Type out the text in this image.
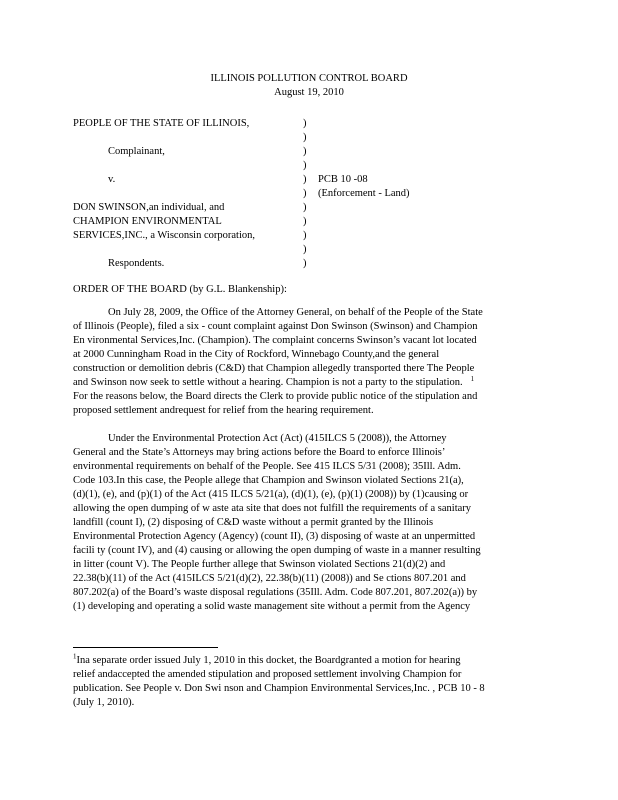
ILLINOIS POLLUTION CONTROL BOARD
August 19, 2010
PEOPLE OF THE STATE OF ILLINOIS,
Complainant,
v.
DON SWINSON,an individual, and
CHAMPION ENVIRONMENTAL
SERVICES,INC., a Wisconsin corporation,
Respondents.
)
)
)
)
)
)
)
)
)
)
)
PCB 10 -08
(Enforcement - Land)
ORDER OF THE BOARD (by G.L. Blankenship):
On July 28, 2009, the Office of the Attorney General, on behalf of the People of the State
of Illinois (People), filed a six - count complaint against Don Swinson (Swinson) and Champion
En vironmental Services,Inc. (Champion). The complaint concerns Swinson’s vacant lot located
at 2000 Cunningham Road in the City of Rockford, Winnebago County,and the general
construction or demolition debris (C&D) that Champion allegedly transported there The People
and Swinson now seek to settle without a hearing. Champion is not a party to the stipulation. $^1$
For the reasons below, the Board directs the Clerk to provide public notice of the stipulation and
proposed settlement andrequest for relief from the hearing requirement.
Under the Environmental Protection Act (Act) (415ILCS 5 (2008)), the Attorney
General and the State’s Attorneys may bring actions before the Board to enforce Illinois’
environmental requirements on behalf of the People. See 415 ILCS 5/31 (2008); 35Ill. Adm.
Code 103.In this case, the People allege that Champion and Swinson violated Sections 21(a),
(d)(1), (e), and (p)(1) of the Act (415 ILCS 5/21(a), (d)(1), (e), (p)(1) (2008)) by (1)causing or
allowing the open dumping of w aste ata site that does not fulfill the requirements of a sanitary
landfill (count I), (2) disposing of C&D waste without a permit granted by the Illinois
Environmental Protection Agency (Agency) (count II), (3) disposing of waste at an unpermitted
facili ty (count IV), and (4) causing or allowing the open dumping of waste in a manner resulting
in litter (count V). The People further allege that Swinson violated Sections 21(d)(2) and
22.38(b)(11) of the Act (415ILCS 5/21(d)(2), 22.38(b)(11) (2008)) and Se ctions 807.201 and
807.202(a) of the Board’s waste disposal regulations (35Ill. Adm. Code 807.201, 807.202(a)) by
(1) developing and operating a solid waste management site without a permit from the Agency
$^1$Ina separate order issued July 1, 2010 in this docket, the Boardgranted a motion for hearing
relief andaccepted the amended stipulation and proposed settlement involving Champion for
publication. See People v. Don Swi nson and Champion Environmental Services,Inc. , PCB 10 - 8
(July 1, 2010).
